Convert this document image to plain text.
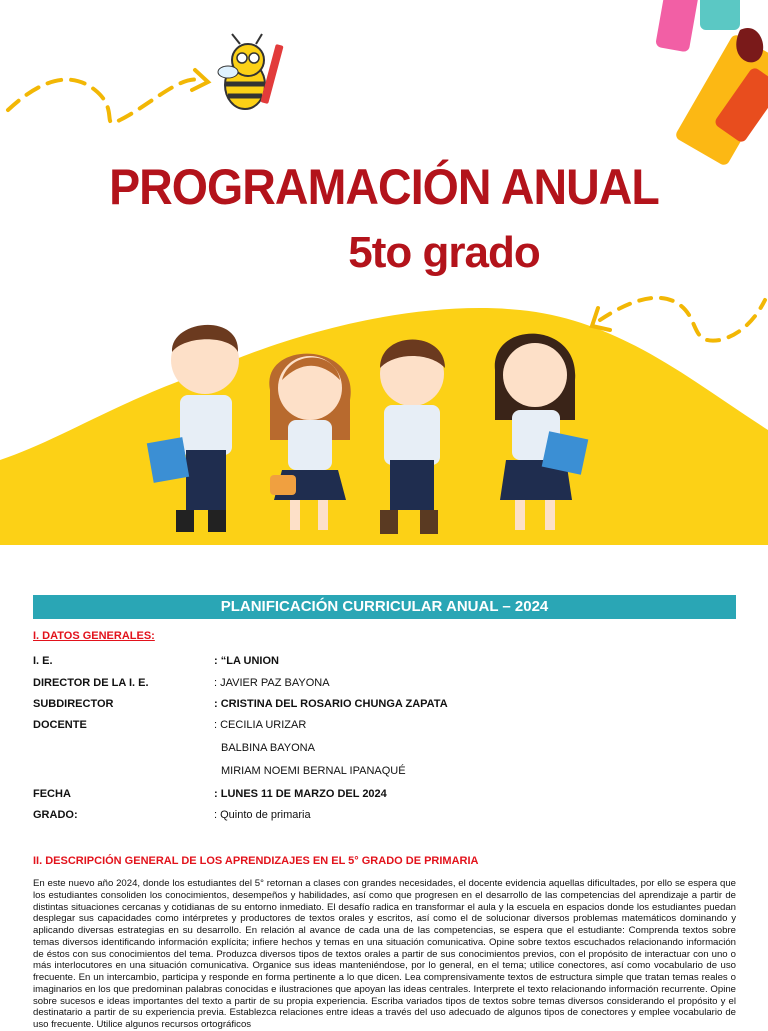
PROGRAMACIÓN ANUAL
5to grado
PLANIFICACIÓN CURRICULAR ANUAL – 2024
I. DATOS GENERALES:
I. E.	: “LA UNION
DIRECTOR DE LA I. E.	: JAVIER PAZ BAYONA
SUBDIRECTOR	: CRISTINA DEL ROSARIO CHUNGA ZAPATA
DOCENTE	: CECILIA URIZAR
BALBINA BAYONA
MIRIAM NOEMI BERNAL IPANAQUÉ
FECHA	: LUNES 11 DE MARZO DEL 2024
GRADO:	: Quinto de primaria
II. DESCRIPCIÓN GENERAL DE LOS APRENDIZAJES EN EL 5° GRADO DE PRIMARIA
En este nuevo año 2024, donde los estudiantes del 5° retornan a clases con grandes necesidades, el docente evidencia aquellas dificultades, por ello se espera que los estudiantes consoliden los conocimientos, desempeños y habilidades, así como que progresen en el desarrollo de las competencias del aprendizaje a partir de distintas situaciones cercanas y cotidianas de su entorno inmediato. El desafío radica en transformar el aula y la escuela en espacios donde los estudiantes puedan desplegar sus capacidades como intérpretes y productores de textos orales y escritos, así como el de solucionar diversos problemas matemáticos dominando y aplicando diversas estrategias en su desarrollo. En relación al avance de cada una de las competencias, se espera que el estudiante: Comprenda textos sobre temas diversos identificando información explícita; infiere hechos y temas en una situación comunicativa. Opine sobre textos escuchados relacionando información de éstos con sus conocimientos del tema. Produzca diversos tipos de textos orales a partir de sus conocimientos previos, con el propósito de interactuar con uno o más interlocutores en una situación comunicativa. Organice sus ideas manteniéndose, por lo general, en el tema; utilice conectores, así como vocabulario de uso frecuente. En un intercambio, participa y responde en forma pertinente a lo que dicen. Lea comprensivamente textos de estructura simple que tratan temas reales o imaginarios en los que predominan palabras conocidas e ilustraciones que apoyan las ideas centrales. Interprete el texto relacionando información recurrente. Opine sobre sucesos e ideas importantes del texto a partir de su propia experiencia. Escriba variados tipos de textos sobre temas diversos considerando el propósito y el destinatario a partir de su experiencia previa. Establezca relaciones entre ideas a través del uso adecuado de algunos tipos de conectores y emplee vocabulario de uso frecuente. Utilice algunos recursos ortográficos
